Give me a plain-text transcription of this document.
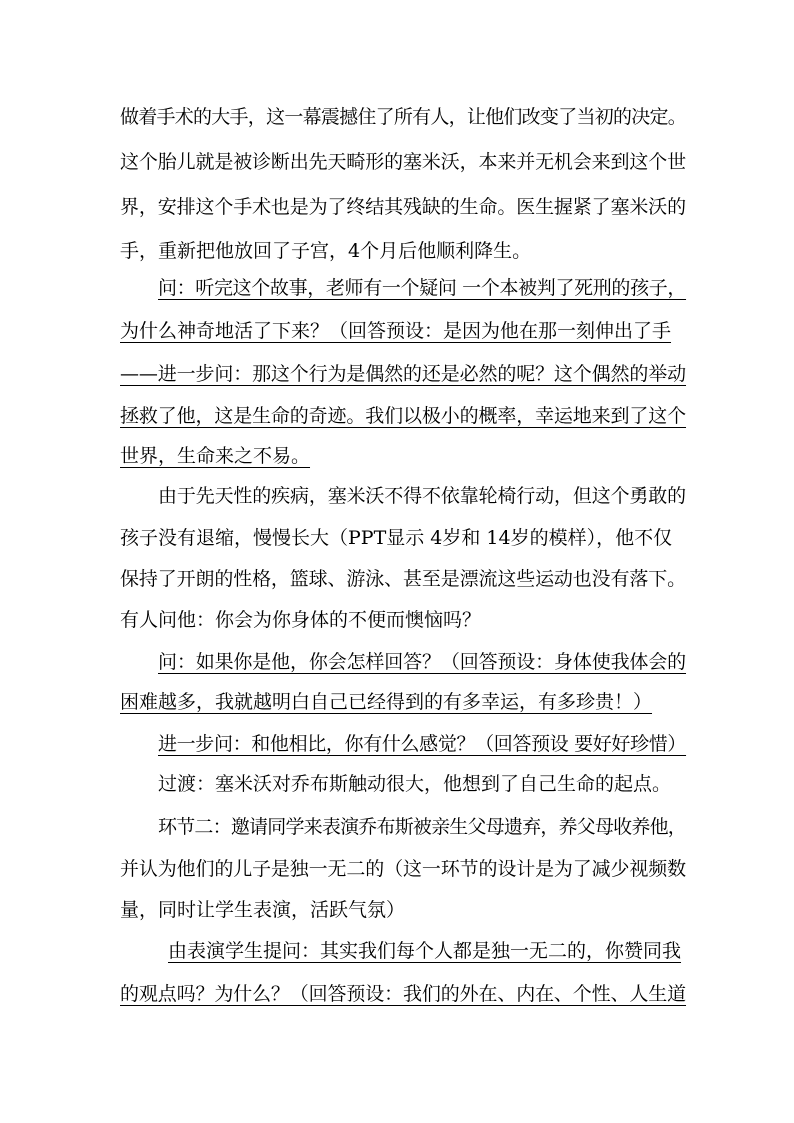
做着手术的大手，这一幕震撼住了所有人，让他们改变了当初的决定。
这个胎儿就是被诊断出先天畸形的塞米沃，本来并无机会来到这个世
界，安排这个手术也是为了终结其残缺的生命。医生握紧了塞米沃的
手，重新把他放回了子宫，4个月后他顺利降生。
问：听完这个故事，老师有一个疑问 一个本被判了死刑的孩子，
为什么神奇地活了下来？（回答预设：是因为他在那一刻伸出了手
——进一步问：那这个行为是偶然的还是必然的呢？这个偶然的举动
拯救了他，这是生命的奇迹。我们以极小的概率，幸运地来到了这个
世界，生命来之不易。
由于先天性的疾病，塞米沃不得不依靠轮椅行动，但这个勇敢的
孩子没有退缩，慢慢长大（PPT显示 4岁和 14岁的模样），他不仅
保持了开朗的性格，篮球、游泳、甚至是漂流这些运动也没有落下。
有人问他：你会为你身体的不便而懊恼吗？
问：如果你是他，你会怎样回答？（回答预设：身体使我体会的
困难越多，我就越明白自己已经得到的有多幸运，有多珍贵！）
进一步问：和他相比，你有什么感觉？（回答预设 要好好珍惜）
过渡：塞米沃对乔布斯触动很大，他想到了自己生命的起点。
环节二：邀请同学来表演乔布斯被亲生父母遗弃，养父母收养他，
并认为他们的儿子是独一无二的（这一环节的设计是为了减少视频数
量，同时让学生表演，活跃气氛）
由表演学生提问：其实我们每个人都是独一无二的，你赞同我
的观点吗？为什么？（回答预设：我们的外在、内在、个性、人生道
